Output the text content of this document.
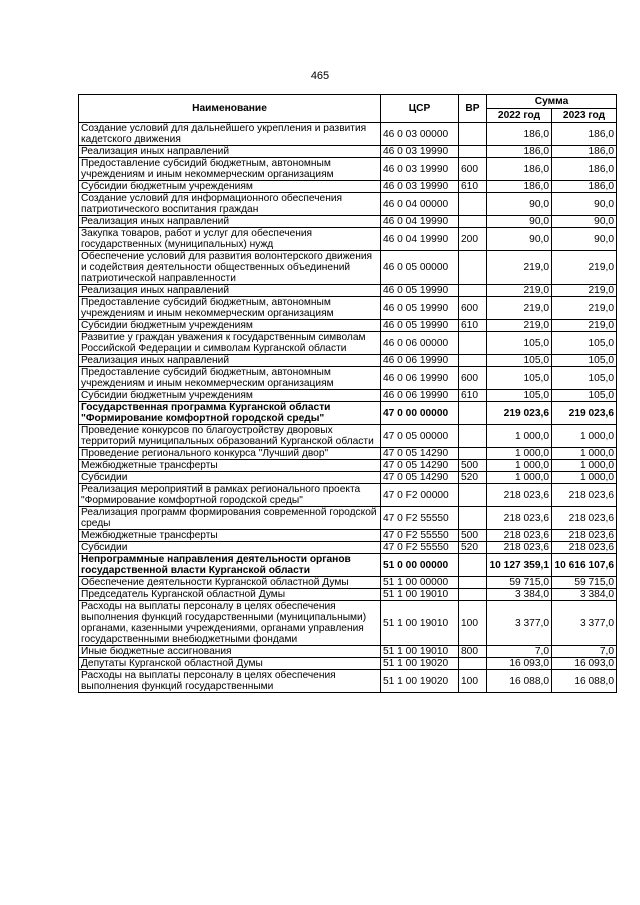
465
Наименование	ЦСР	ВР	Сумма	
			2022 год	2023 год
Создание условий для дальнейшего укрепления и развития кадетского движения	46 0 03 00000		186,0	186,0
Реализация иных направлений	46 0 03 19990		186,0	186,0
Предоставление субсидий бюджетным, автономным учреждениям и иным некоммерческим организациям	46 0 03 19990	600	186,0	186,0
Субсидии бюджетным учреждениям	46 0 03 19990	610	186,0	186,0
Создание условий для информационного обеспечения патриотического воспитания граждан	46 0 04 00000		90,0	90,0
Реализация иных направлений	46 0 04 19990		90,0	90,0
Закупка товаров, работ и услуг для обеспечения государственных (муниципальных) нужд	46 0 04 19990	200	90,0	90,0
Обеспечение условий для развития волонтерского движения и содействия деятельности общественных объединений патриотической направленности	46 0 05 00000		219,0	219,0
Реализация иных направлений	46 0 05 19990		219,0	219,0
Предоставление субсидий бюджетным, автономным учреждениям и иным некоммерческим организациям	46 0 05 19990	600	219,0	219,0
Субсидии бюджетным учреждениям	46 0 05 19990	610	219,0	219,0
Развитие у граждан уважения к государственным символам Российской Федерации и символам Курганской области	46 0 06 00000		105,0	105,0
Реализация иных направлений	46 0 06 19990		105,0	105,0
Предоставление субсидий бюджетным, автономным учреждениям и иным некоммерческим организациям	46 0 06 19990	600	105,0	105,0
Субсидии бюджетным учреждениям	46 0 06 19990	610	105,0	105,0
Государственная программа Курганской области "Формирование комфортной городской среды"	47 0 00 00000		219 023,6	219 023,6
Проведение конкурсов по благоустройству дворовых территорий муниципальных образований Курганской области	47 0 05 00000		1 000,0	1 000,0
Проведение регионального конкурса "Лучший двор"	47 0 05 14290		1 000,0	1 000,0
Межбюджетные трансферты	47 0 05 14290	500	1 000,0	1 000,0
Субсидии	47 0 05 14290	520	1 000,0	1 000,0
Реализация мероприятий в рамках регионального проекта "Формирование комфортной городской среды"	47 0 F2 00000		218 023,6	218 023,6
Реализация программ формирования современной городской среды	47 0 F2 55550		218 023,6	218 023,6
Межбюджетные трансферты	47 0 F2 55550	500	218 023,6	218 023,6
Субсидии	47 0 F2 55550	520	218 023,6	218 023,6
Непрограммные направления деятельности органов государственной власти Курганской области	51 0 00 00000		10 127 359,1	10 616 107,6
Обеспечение деятельности Курганской областной Думы	51 1 00 00000		59 715,0	59 715,0
Председатель Курганской областной Думы	51 1 00 19010		3 384,0	3 384,0
Расходы на выплаты персоналу в целях обеспечения выполнения функций государственными (муниципальными) органами, казенными учреждениями, органами управления государственными внебюджетными фондами	51 1 00 19010	100	3 377,0	3 377,0
Иные бюджетные ассигнования	51 1 00 19010	800	7,0	7,0
Депутаты Курганской областной Думы	51 1 00 19020		16 093,0	16 093,0
Расходы на выплаты персоналу в целях обеспечения выполнения функций государственными	51 1 00 19020	100	16 088,0	16 088,0
